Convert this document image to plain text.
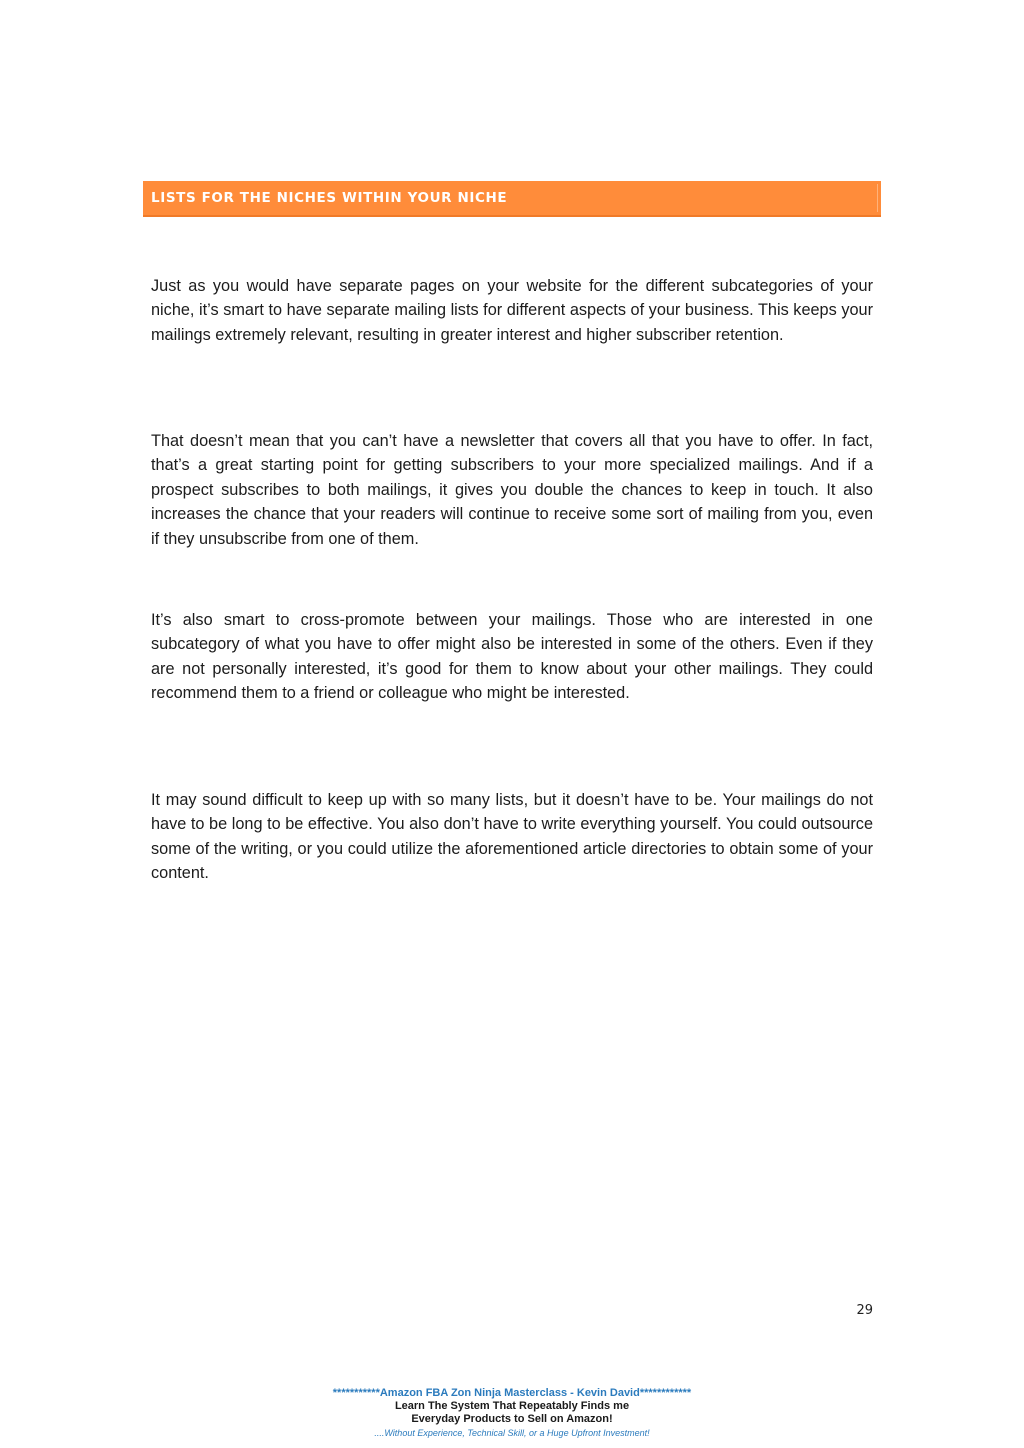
LISTS FOR THE NICHES WITHIN YOUR NICHE

Just as you would have separate pages on your website for the different subcategories of your niche, it’s smart to have separate mailing lists for different aspects of your business. This keeps your mailings extremely relevant, resulting in greater interest and higher subscriber retention.

That doesn’t mean that you can’t have a newsletter that covers all that you have to offer. In fact, that’s a great starting point for getting subscribers to your more specialized mailings. And if a prospect subscribes to both mailings, it gives you double the chances to keep in touch. It also increases the chance that your readers will continue to receive some sort of mailing from you, even if they unsubscribe from one of them.

It’s also smart to cross-promote between your mailings. Those who are interested in one subcategory of what you have to offer might also be interested in some of the others. Even if they are not personally interested, it’s good for them to know about your other mailings. They could recommend them to a friend or colleague who might be interested.

It may sound difficult to keep up with so many lists, but it doesn’t have to be. Your mailings do not have to be long to be effective. You also don’t have to write everything yourself. You could outsource some of the writing, or you could utilize the aforementioned article directories to obtain some of your content.

29
***********Amazon FBA Zon Ninja Masterclass - Kevin David************
Learn The System That Repeatably Finds me
Everyday Products to Sell on Amazon!
....Without Experience, Technical Skill, or a Huge Upfront Investment!
